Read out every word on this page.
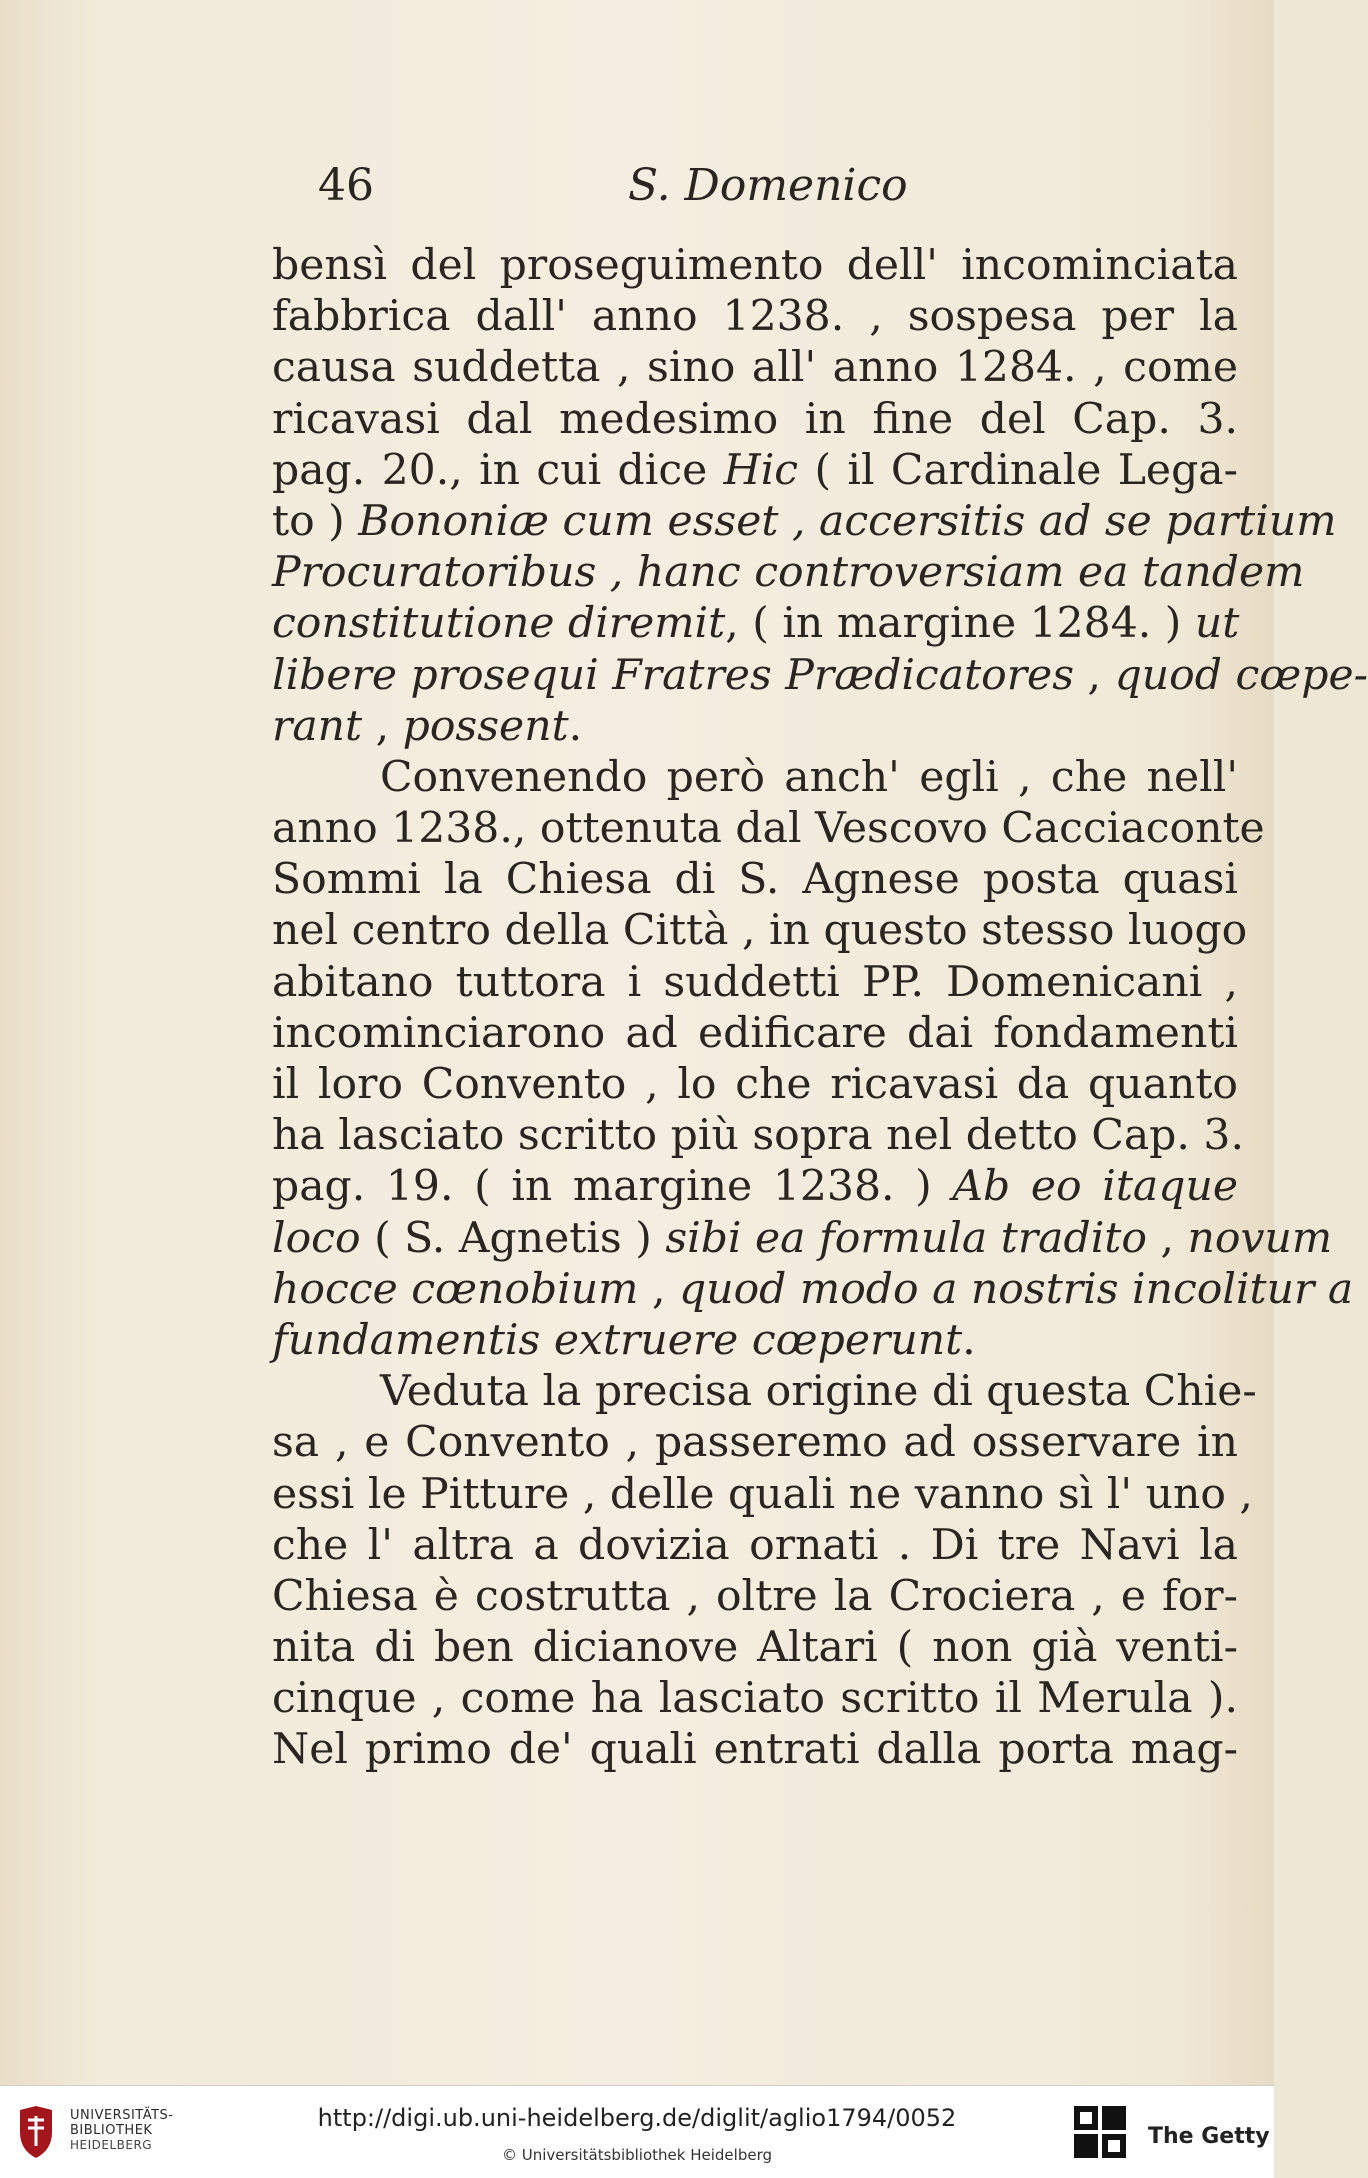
46	S. Domenico
bensì del proseguimento dell' incominciata
fabbrica dall' anno 1238. , sospesa per la
causa suddetta , sino all' anno 1284. , come
ricavasi dal medesimo in fine del Cap. 3.
pag. 20., in cui dice Hic ( il Cardinale Lega-
to ) Bononiæ cum esset , accersitis ad se partium
Procuratoribus , hanc controversiam ea tandem
constitutione diremit, ( in margine 1284. ) ut
libere prosequi Fratres Prædicatores , quod cœpe-
rant , possent.
Convenendo però anch' egli , che nell'
anno 1238., ottenuta dal Vescovo Cacciaconte
Sommi la Chiesa di S. Agnese posta quasi
nel centro della Città , in questo stesso luogo
abitano tuttora i suddetti PP. Domenicani ,
incominciarono ad edificare dai fondamenti
il loro Convento , lo che ricavasi da quanto
ha lasciato scritto più sopra nel detto Cap. 3.
pag. 19. ( in margine 1238. ) Ab eo itaque
loco ( S. Agnetis ) sibi ea formula tradito , novum
hocce cœnobium , quod modo a nostris incolitur a
fundamentis extruere cœperunt.
Veduta la precisa origine di questa Chie-
sa , e Convento , passeremo ad osservare in
essi le Pitture , delle quali ne vanno sì l' uno ,
che l' altra a dovizia ornati . Di tre Navi la
Chiesa è costrutta , oltre la Crociera , e for-
nita di ben dicianove Altari ( non già venti-
cinque , come ha lasciato scritto il Merula ).
Nel primo de' quali entrati dalla porta mag-
UNIVERSITÄTS-
BIBLIOTHEK
HEIDELBERG
http://digi.ub.uni-heidelberg.de/diglit/aglio1794/0052
© Universitätsbibliothek Heidelberg
The Getty
